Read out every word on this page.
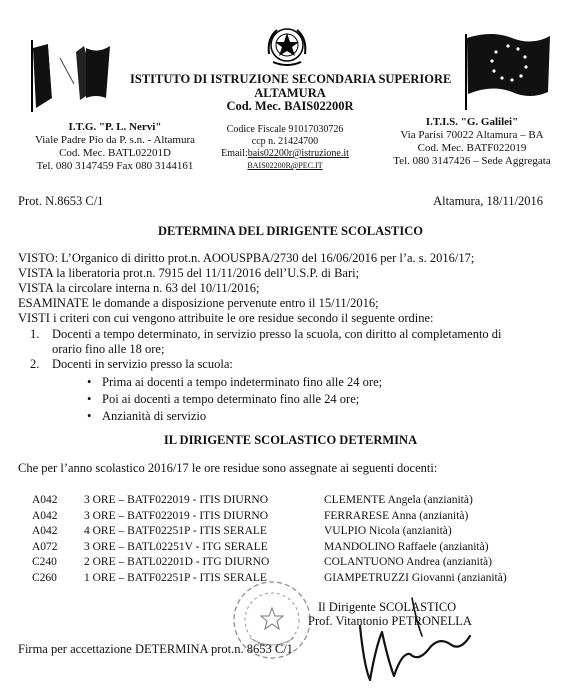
ISTITUTO DI ISTRUZIONE SECONDARIA SUPERIORE
ALTAMURA
Cod. Mec. BAIS02200R
I.T.G. "P. L. Nervi"
Viale Padre Pio da P. s.n. - Altamura
Cod. Mec. BATL02201D
Tel. 080 3147459 Fax 080 3144161
Codice Fiscale 91017030726
ccp n. 21424700
Email:bais02200r@istruzione.it
BAIS02200R@PEC.IT
I.T.I.S. "G. Galilei"
Via Parisi 70022 Altamura – BA
Cod. Mec. BATF022019
Tel. 080 3147426 – Sede Aggregata
Prot. N.8653 C/1	Altamura, 18/11/2016
DETERMINA DEL DIRIGENTE SCOLASTICO
VISTO: L’Organico di diritto prot.n. AOOUSPBA/2730 del 16/06/2016 per l’a. s. 2016/17;
VISTA la liberatoria prot.n. 7915 del 11/11/2016 dell’U.S.P. di Bari;
VISTA la circolare interna n. 63 del 10/11/2016;
ESAMINATE le domande a disposizione pervenute entro il 15/11/2016;
VISTI i criteri con cui vengono attribuite le ore residue secondo il seguente ordine:
1. Docenti a tempo determinato, in servizio presso la scuola, con diritto al completamento di
orario fino alle 18 ore;
2. Docenti in servizio presso la scuola:
• Prima ai docenti a tempo indeterminato fino alle 24 ore;
• Poi ai docenti a tempo determinato fino alle 24 ore;
• Anzianità di servizio
IL DIRIGENTE SCOLASTICO DETERMINA
Che per l’anno scolastico 2016/17 le ore residue sono assegnate ai seguenti docenti:
A042	3 ORE – BATF022019 - ITIS DIURNO	CLEMENTE Angela (anzianità)
A042	3 ORE – BATF022019 - ITIS DIURNO	FERRARESE Anna (anzianità)
A042	4 ORE – BATF02251P - ITIS SERALE	VULPIO Nicola (anzianità)
A072	3 ORE – BATL02251V - ITG SERALE	MANDOLINO Raffaele (anzianità)
C240	2 ORE – BATL02201D - ITG DIURNO	COLANTUONO Andrea (anzianità)
C260	1 ORE – BATF02251P - ITIS SERALE	GIAMPETRUZZI Giovanni (anzianità)
Il Dirigente SCOLASTICO
Prof. Vitantonio PETRONELLA
Firma per accettazione DETERMINA prot.n. 8653 C/1
